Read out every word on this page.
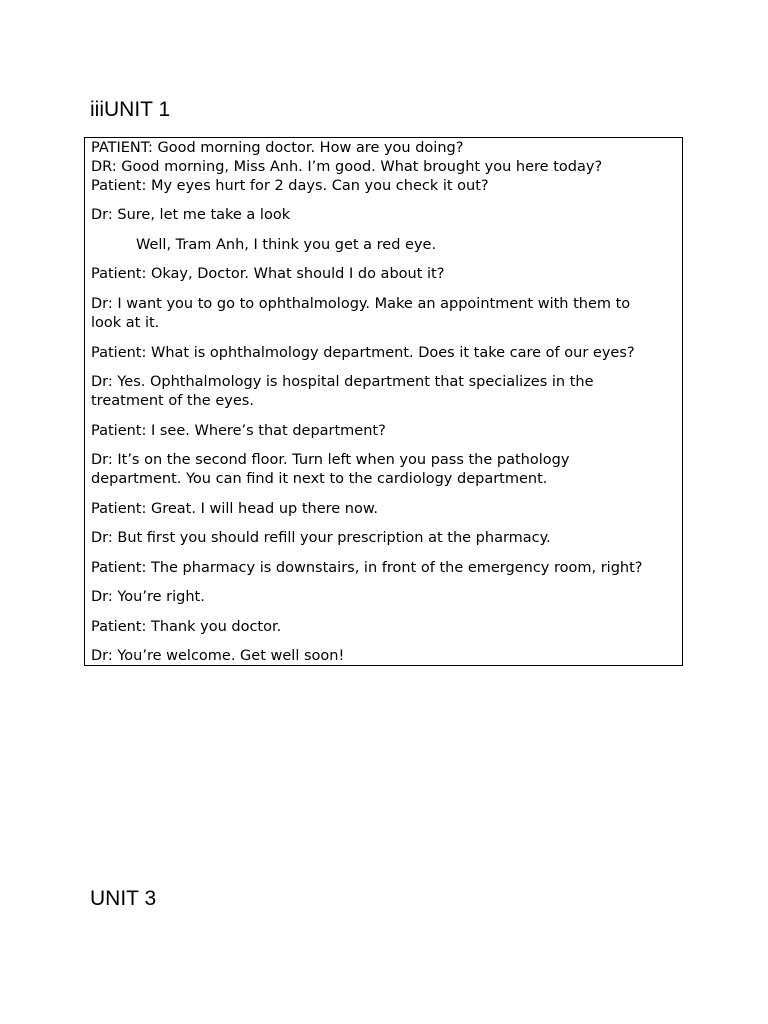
iiiUNIT 1

PATIENT: Good morning doctor. How are you doing?

DR: Good morning, Miss Anh. I’m good. What brought you here today?

Patient: My eyes hurt for 2 days. Can you check it out?

Dr: Sure, let me take a look

Well, Tram Anh, I think you get a red eye.

Patient: Okay, Doctor. What should I do about it?

Dr: I want you to go to ophthalmology. Make an appointment with them to

look at it.

Patient: What is ophthalmology department. Does it take care of our eyes?

Dr: Yes. Ophthalmology is hospital department that specializes in the

treatment of the eyes.

Patient: I see. Where’s that department?

Dr: It’s on the second floor. Turn left when you pass the pathology

department. You can find it next to the cardiology department.

Patient: Great. I will head up there now.

Dr: But first you should refill your prescription at the pharmacy.

Patient: The pharmacy is downstairs, in front of the emergency room, right?

Dr: You’re right.

Patient: Thank you doctor.

Dr: You’re welcome. Get well soon!

UNIT 3
